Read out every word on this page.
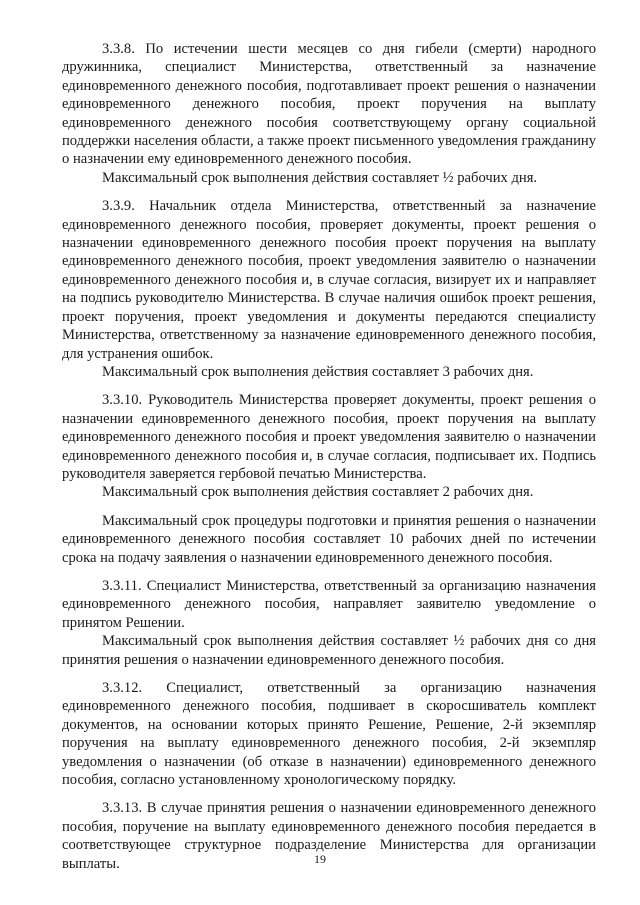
3.3.8. По истечении шести месяцев со дня гибели (смерти) народного дружинника, специалист Министерства, ответственный за назначение единовременного денежного пособия, подготавливает проект решения о назначении единовременного денежного пособия, проект поручения на выплату единовременного денежного пособия соответствующему органу социальной поддержки населения области, а также проект письменного уведомления гражданину о назначении ему единовременного денежного пособия.

Максимальный срок выполнения действия составляет ½ рабочих дня.

3.3.9. Начальник отдела Министерства, ответственный за назначение единовременного денежного пособия, проверяет документы, проект решения о назначении единовременного денежного пособия проект поручения на выплату единовременного денежного пособия, проект уведомления заявителю о назначении единовременного денежного пособия и, в случае согласия, визирует их и направляет на подпись руководителю Министерства. В случае наличия ошибок проект решения, проект поручения, проект уведомления и документы передаются специалисту Министерства, ответственному за назначение единовременного денежного пособия, для устранения ошибок.

Максимальный срок выполнения действия составляет 3 рабочих дня.

3.3.10. Руководитель Министерства проверяет документы, проект решения о назначении единовременного денежного пособия, проект поручения на выплату единовременного денежного пособия и проект уведомления заявителю о назначении единовременного денежного пособия и, в случае согласия, подписывает их. Подпись руководителя заверяется гербовой печатью Министерства.

Максимальный срок выполнения действия составляет 2 рабочих дня.

Максимальный срок процедуры подготовки и принятия решения о назначении единовременного денежного пособия составляет 10 рабочих дней по истечении срока на подачу заявления о назначении единовременного денежного пособия.

3.3.11. Специалист Министерства, ответственный за организацию назначения единовременного денежного пособия, направляет заявителю уведомление о принятом Решении.

Максимальный срок выполнения действия составляет ½ рабочих дня со дня принятия решения о назначении единовременного денежного пособия.

3.3.12. Специалист, ответственный за организацию назначения единовременного денежного пособия, подшивает в скоросшиватель комплект документов, на основании которых принято Решение, Решение, 2-й экземпляр поручения на выплату единовременного денежного пособия, 2-й экземпляр уведомления о назначении (об отказе в назначении) единовременного денежного пособия, согласно установленному хронологическому порядку.

3.3.13. В случае принятия решения о назначении единовременного денежного пособия, поручение на выплату единовременного денежного пособия передается в соответствующее структурное подразделение Министерства для организации выплаты.	19
